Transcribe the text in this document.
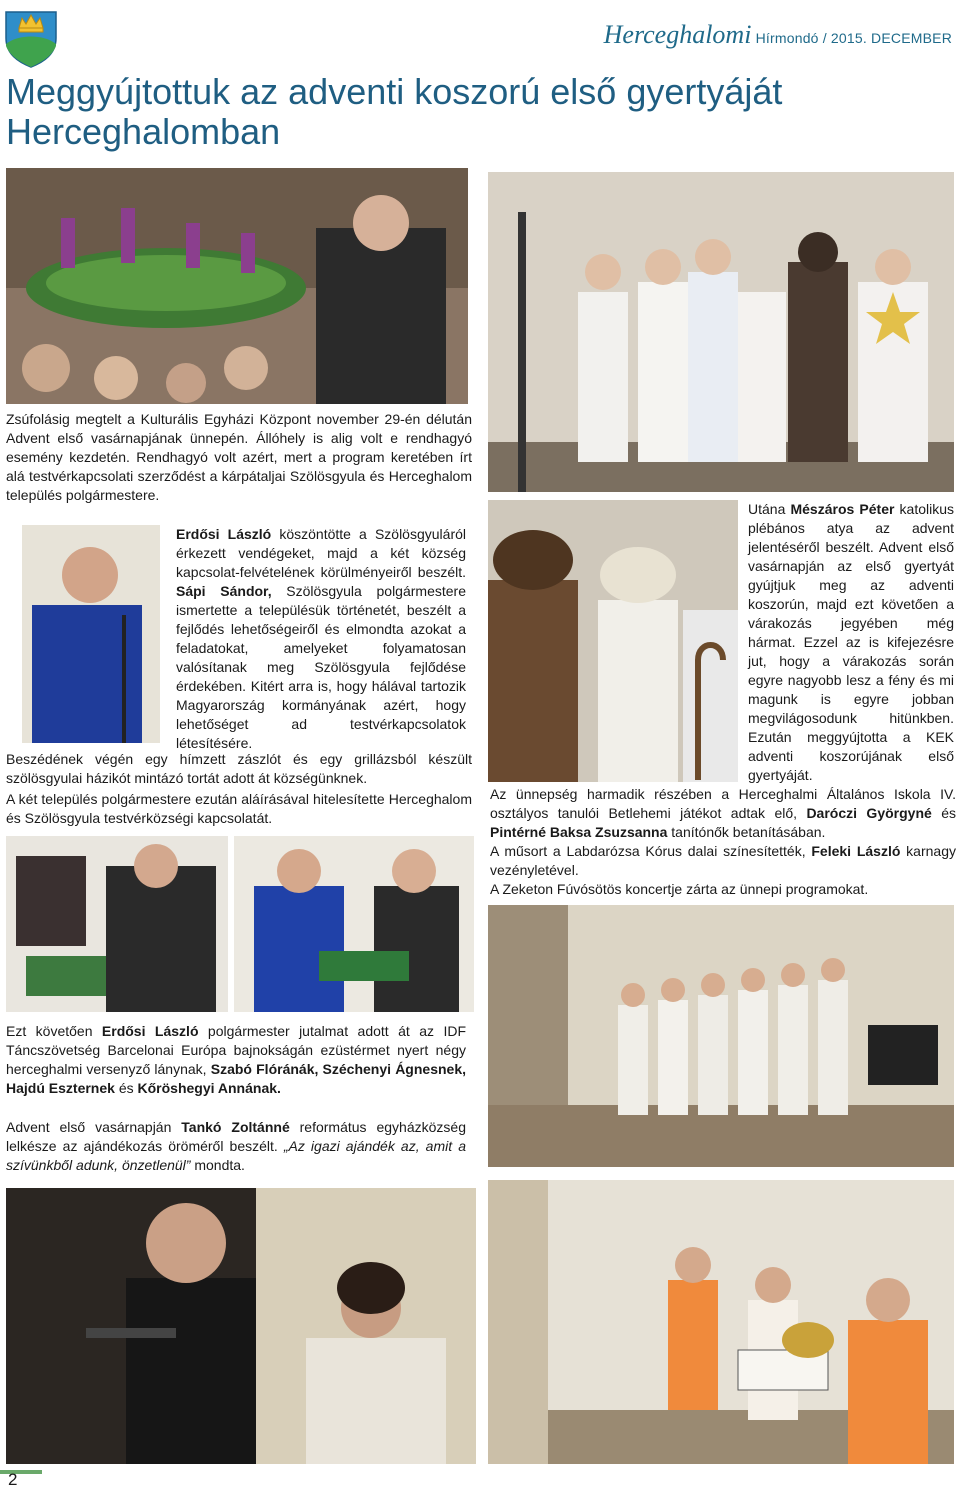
Herceghalomi Hírmondó / 2015. DECEMBER
Meggyújtottuk az adventi koszorú első gyertyáját Herceghalomban
Zsúfolásig megtelt a Kulturális Egyházi Központ november 29-én délután Advent első vasárnapjának ünnepén. Állóhely is alig volt e rendhagyó esemény kezdetén. Rendhagyó volt azért, mert a program keretében írt alá testvérkapcsolati szerződést a kárpátaljai Szölösgyula és Herceghalom település polgármestere.
Erdősi László köszöntötte a Szölösgyuláról érkezett vendégeket, majd a két község kapcsolat-felvételének körülményeiről beszélt. Sápi Sándor, Szölösgyula polgármestere ismertette a településük történetét, beszélt a fejlődés lehetőségeiről és elmondta azokat a feladatokat, amelyeket folyamatosan valósítanak meg Szölösgyula fejlődése érdekében. Kitért arra is, hogy hálával tartozik Magyarország kormányának azért, hogy lehetőséget ad testvérkapcsolatok létesítésére.
Beszédének végén egy hímzett zászlót és egy grillázsból készült szölösgyulai házikót mintázó tortát adott át községünknek.
A két település polgármestere ezután aláírásával hitelesítette Herceghalom és Szölösgyula testvérközségi kapcsolatát.
Utána Mészáros Péter katolikus plébános atya az advent jelentéséről beszélt. Advent első vasárnapján az első gyertyát gyújtjuk meg az adventi koszorún, majd ezt követően a várakozás jegyében még hármat. Ezzel az is kifejezésre jut, hogy a várakozás során egyre nagyobb lesz a fény és mi magunk is egyre jobban megvilágosodunk hitünkben. Ezután meggyújtotta a KEK adventi koszorújának első gyertyáját.
Az ünnepség harmadik részében a Herceghalmi Általános Iskola IV. osztályos tanulói Betlehemi játékot adtak elő, Daróczi Györgyné és Pintérné Baksa Zsuzsanna tanítónők betanításában.
A műsort a Labdarózsa Kórus dalai színesítették, Feleki László karnagy vezényletével.
A Zeketon Fúvósötös koncertje zárta az ünnepi programokat.
Ezt követően Erdősi László polgármester jutalmat adott át az IDF Táncszövetség Barcelonai Európa bajnokságán ezüstérmet nyert négy herceghalmi versenyző lánynak, Szabó Flóránák, Széchenyi Ágnesnek, Hajdú Eszternek és Kőröshegyi Annának.
Advent első vasárnapján Tankó Zoltánné református egyházközség lelkésze az ajándékozás öröméről beszélt. „Az igazi ajándék az, amit a szívünkből adunk, önzetlenül” mondta.
2
